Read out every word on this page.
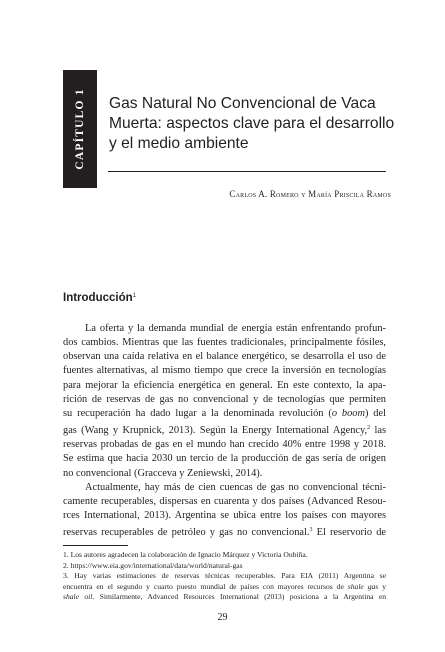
CAPÍTULO 1 Gas Natural No Convencional de Vaca
Muerta: aspectos clave para el desarrollo
y el medio ambiente
Carlos A. Romero y María Priscila Ramos
Introducción$^1$
La oferta y la demanda mundial de energía están enfrentando profun-
dos cambios. Mientras que las fuentes tradicionales, principalmente fósiles,
observan una caída relativa en el balance energético, se desarrolla el uso de
fuentes alternativas, al mismo tiempo que crece la inversión en tecnologías
para mejorar la eficiencia energética en general. En este contexto, la apa-
rición de reservas de gas no convencional y de tecnologías que permiten
su recuperación ha dado lugar a la denominada revolución (o boom) del
gas (Wang y Krupnick, 2013). Según la Energy International Agency,$^2$ las
reservas probadas de gas en el mundo han crecido 40% entre 1998 y 2018.
Se estima que hacia 2030 un tercio de la producción de gas sería de origen
no convencional (Gracceva y Zeniewski, 2014).
Actualmente, hay más de cien cuencas de gas no convencional técni-
camente recuperables, dispersas en cuarenta y dos países (Advanced Resou-
rces International, 2013). Argentina se ubica entre los países con mayores
reservas recuperables de petróleo y gas no convencional.$^3$ El reservorio de
1. Los autores agradecen la colaboración de Ignacio Márquez y Victoria Oubiña.
2. https://www.eia.gov/international/data/world/natural-gas
3. Hay varias estimaciones de reservas técnicas recuperables. Para EIA (2011) Argentina se
encuentra en el segundo y cuarto puesto mundial de países con mayores recursos de shale gas y
shale oil. Similarmente, Advanced Resources International (2013) posiciona a la Argentina en
29
